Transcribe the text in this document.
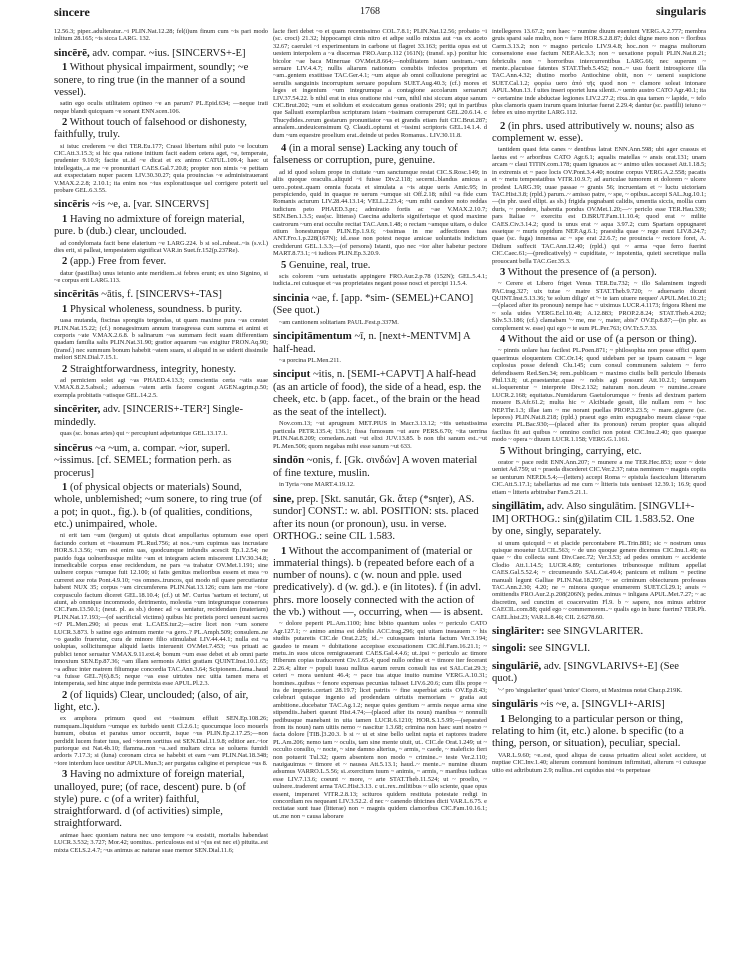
sincere	1768	singularis

12.56.3; piper..adulteratur..~i PLIN.Nat.12.28; fel(i)um finum cum ~is pari modo inlitum 28.165; ~is sicca LARG. 132.

sincērē, adv. compar. ~ius. [SINCERVS+-E]

1 Without physical impairment, soundly; ~e sonere, to ring true (in the manner of a sound vessel).

satin ego oculis utilitatem optineo ~e an parum? PL.Epid.634; —neque irati neque blandi quicquam ~e sonant ENN.scen.106.

2 Without touch of falsehood or dishonesty, faithfully, truly.

si istuc crederem ~e dici TER.Eu.177; Crassi libertum nihil puto ~e locutum CIC.Att.3.15.3; si hic qua ratione initium facit eadem cetera aget, ~e, temperate, prudenter 9.10.9; facite ut..id ~e dicat et ex animo CATUL.109.4; haec ut intellegatis,..a me ~e pronuntiari CAES.Gal.7.20.8; propter non nimis ~e petitam aut exspectatam nuper pacem LIV.30.30.27; quia prouincias ~e administrauerant V.MAX.2.2.8; 2.10.1; ita enim nos ~ius exploratiusque uel corrigere poterit uel probare GEL.6.3.55.

sincēris ~is ~e, a. [var. SINCERVS]

1 Having no admixture of foreign material, pure. b (dub.) clear, unclouded.

ad condylomata facit bene elaterium ~e LARG.224. b si sol..rubeat..~is (s.v.l.) dies erit, si palleat, tempestatem significat VAR.in Suet.fr.152(p.237Re).

2 (app.) Free from fever.

datur (pastillus) unus ieiunio ante meridiem..si febres erunt; ex uino Signino, si ~e corpus erit LARG.113.

sincēritās ~ātis, f. [SINCERVS+-TAS]

1 Physical wholeness, soundness. b purity.

uasa mutanda, fiscinas spongiis tergendas, ut quam maxime pura ~as constet PLIN.Nat.15.22; (cf.) nonagesimum annum transgressa cum summa et animi et corporis ~ate V.MAX.2.6.8. b salinarum ~as summam fecit suam differentiam quadam familia salis PLIN.Nat.31.90; gratior aquarum ~as exigitur FRON.Aq.90; (transf.) nec summum bonum habebit ~atem suam, si aliquid in se uiderit dissimile meliori SEN.Dial.7.15.1.

2 Straightforwardness, integrity, honesty.

ad perniciem solet agi ~as PHAED.4.13.3; conscientia certa ~atis suae V.MAX.8.2.5.absol.; aduersus ~atem artis facere cogunt AGEN.agrim.p.50; exempla probitatis ~atisque GEL.14.2.5.

sincēriter, adv. [SINCERIS+-TER²] Single-mindedly.

quas (sc. bonas artes) qui ~ percupiunt adpetuntque GEL.13.17.1.

sincērus ~a ~um, a. compar. ~ior, superl. ~issimus. [cf. SEMEL; formation perh. as procerus]

1 (of physical objects or materials) Sound, whole, unblemished; ~um sonere, to ring true (of a pot; in quot., fig.). b (of qualities, conditions, etc.) unimpaired, whole.

ni erit tam ~um (tergum) ut quiuis dicat ampullarius optumum esse operi faciundo corium et ~issumum PL.Rud.756; at nos..~um cupimus uas incrustare HOR.S.1.3.56; ~um est enim uas, quodcumque infundis acescit Ep.1.2.54; ne pauido fuga uolneribusque milite ~am et integram aciem miscerent LIV.30.34.8; inmedicabile corpus ense recidendum, ne pars ~a trahatur OV.Met.1.191; sine uulnere corpus ~umque fuit 12.100; si fatis genitus melioribus essem et mea ~o curreret axe rota Pont.4.9.10; ~os omnes..truncos, qui modo nil quare percutiantur habent NUX 35; corpus ~am circumferens PLIN.Nat.13.126; cum iam me ~iore corpusculo factum diceret GEL.18.10.4; (cf.) ut M'. Curius 'sartum et tectum', ut aiunt, ab omnique incommodo, detrimento, molestia ~um integrumque conserues CIC.Fam.13.50.1; (neut. pl. as sb.) donec ad ~a ueniatur, recidendam (materiam) PLIN.Nat.17.193;—(of sacrificial victims) quibus hic pretieis porci ueneunt sacres ~i? PL.Men.290; si pecus erat L.CAES.tur.2;—scire licet non ~um sonere LUCR.3.873. b satine ego animum mente ~a gero..? PL.Amph.509; consulem..ne ~o gaudio frueretur, cura de minore filio stimulabat LIV.44.44.1; nulla est ~a uoluptas, sollicitumque aliquid laetis interuenit OV.Met.7.453; ~us priuati ac publici tenor seruatur V.MAX.9.11.ext.4; bonum ~um esse debet et ab omni parte innoxium SEN.Ep.87.36; ~am illam sermonis Attici gratiam QUINT.Inst.10.1.65; ~a adhuc inter matrem filiumque concordia TAC.Ann.3.64; Scipionem..fama..haud ~a fuisse GEL.7(6).8.5; neque ~as esse uirtutes nec uitia tamen mera et intemperata, sed hinc atque inde permixta esse APUL.Pl.2.3.

2 (of liquids) Clear, unclouded; (also, of air, light, etc.).

ex amphora primum quod est ~issimum effluit SEN.Ep.108.26; numquam..liquidum ~umque ex turbido uenit Cl.2.6.1; quocumque loco mouerls humum, obuius et paratus umor occurrit, isque ~us PLIN.Ep.2.17.25;—non perdidit lucem frater tuus, sed ~iorem sortitus est SEN.Dial.11.9.8; editior aer..~ior puriorque est Nat.4b.10; flamma..non ~a..sed multam circa se uoluens fumidi ardoris 7.17.3; si (luna) coronam circa se habebit et eam ~am PLIN.Nat.18.348; ~iore interdum luce uestitur APUL.Mun.3; aer purgatus caligine et perspicue ~us 8.

3 Having no admixture of foreign material, unalloyed, pure; (of race, descent) pure. b (of style) pure. c (of a writer) faithful, straightforward. d (of activities) simple, straightforward.

animae haec quoniam natura nec uno tempore ~a exsistit, mortalis habendast LUCR.3.532; 3.727; Mor.42; uomitus.. periculosus est si ~(us est nec ei) pituita..est mixta CELS.2.4.7; ~us animus ac naturae suae memor SEN.Dial.11.6;

lacte fieri debet ~o et quam recentissimo COL.7.8.1; PLIN.Nat.12.56; probatio ~i (sc. croci) 21.32; hippocampi cinis nitro et adipe suillo mixtus aut ~us ex aceto 32.67; caerulei ~i experimentum in carbone ut flagret 33.163; peritia opus est ut uestem interpolem a ~a discernas FRO.Aur.p.112 (161N); (transf. sp.) ponitur hic bicolor ~ae baca Mineruae OV.Met.8.664;—nobilitatem istam uestram..~um seruare LIV.4.4.7; nullis aliarum nationum conubiis infectos proprium et ~am..gentem exstitisse TAC.Ger.4.1; ~um atque ab omni colluuione peregrini ac seruilis sanguinis incorruptum seruare populum SUET.Aug.40.3; (cf.) mores et leges et ingenium ~um integrumque a contagione accolarum seruarunt LIV.37.54.22. b nihil erat in eius oratione nisi ~um, nihil nisi siccum atque sanum CIC.Brut.202; ~um et solidum et exsiccatum genus orationis 291; qui in partibus que Sallusti exemplaribus scripturam istam ~issimam corruperunt GEL.20.6.14. c Thucydides..rerum gestarum pronuntiator ~us et grandis etiam fuit CIC.Brut.287; annalem..undeuicensimum Q. Claudi..optumi et ~issimi scriptoris GEL.14.1.4. d dum ~um equestre proelium erat..deinde ut pedes Romanus.. LIV.30.11.8.

4 (in a moral sense) Lacking any touch of falseness or corruption, pure, genuine.

ad id quod solum prope in ciuitate ~um sanctumque restat CIC.S.Rosc.149; in aliis quoque oraculis..aliquid ~i fuisse Div.2.118; secerni..blandus amicus a uero..potest..quam omnia fucata et simulata a ~is atque ueris Amic.95; in perspiciendo, quid in quaque re uerum ~umque sit Off.2.18; nihil ~a fide cum Romanis acturum LIV.28.44.13.14; VELL.2.23.4; ~um mihi candore noto reddas iudicium peto PHAED.3.pr.; admiratio fortis ac ~ae V.MAX.2.10.7; SEN.Ben.1.3.5; eas(sc. litteras) Caecina adulteris signiferisque et quod maxime castrorum ~um erat occulte recitat TAC.Ann.1.48; o rectam ~amque uitam, o dulce otium honestumque PLIN.Ep.1.9.6; ~issimas in me adfectiones tuas ANT.Fro.1.p.228(167N); id..esse non potest neque amicae uoluntatis indicium crediderunt GEL.1.3.3;—(of persons) Istanti, quo nec ~ior alter habetur pectore MART.8.73.1; ~i iudices PLIN.Ep.3.20.9.

5 Genuine, real, true.

scis colorem ~um uetustatis appingere FRO.Aur.2.p.78 (152N); GEL.5.4.1; iudicia..rei cuiusque et ~as proprietates negant posse nosci et percipi 11.5.4.

sincinia ~ae, f. [app. *sim- (SEMEL)+CANO] (See quot.)

~am cantionem solitariam PAUL.Fest.p.337M.

sincipitāmentum ~ī, n. [next+-MENTVM] A half-head.

~a porcina PL.Men.211.

sinciput ~itis, n. [SEMI-+CAPVT] A half-head (as an article of food), the side of a head, esp. the cheek, etc. b (app. facet., of the brain or the head as the seat of the intellect).

Nov.com.13; ~ut aprugnum MET.PIUS in Macr.3.13.12; ~itis uetustissima particula PETR.135.4; 136.1; fissa fumosum ~ut aure PERS.6.70; ~ita uerrina PLIN.Nat.8.209; comedam..nati ~ut elixi JUV.13.85. b non tibi sanum est..~ut PL.Men.506; quom negabas mihi esse sanum ~ut 633.

sindōn ~onis, f. [Gk. σινδών] A woven material of fine texture, muslin.

in Tyria ~one MART.4.19.12.

sine, prep. [Skt. sanutár, Gk. ἄτερ (*sn̥ter), AS. sundor] CONST.: w. abl. POSITION: sts. placed after its noun (or pronoun), usu. in verse. ORTHOG.: seine CIL 1.583.

1 Without the accompaniment of (material or immaterial things). b (repeated before each of a number of nouns). c (w. noun and pple. used predicatively). d (w. gd.). e (in litotes). f (in advl. phrs. more loosely connected with the action of the vb.) without —, occurring, when — is absent.

~ dolore peperit PL.Am.1100; hinc bibito quantum uoles ~ periculo CATO Agr.127.1; ~ animo anima est debilis ACC.trag.296; qui uitam insuauem ~ his studiis putaretis CIC.de Orat.2.25; id..~ cuiusquam iniuria factum Ver.3.194; gaudeo te meam ~ dubitatione accepisse excusationem CIC.fil.Fam.16.21.1; ~ metu..in suos uicos remigrauerant CAES.Gal.4.4.6; ut..ipsi ~ periculo ac timore Hiberum copias traducerent Civ.1.65.4; quod nullo ordine et ~ timore iter fecerant 2.26.4; aliter ~ populi iussu nullius earum rerum consuli ius est SAL.Cat.29.3; ceteri ~ mora ueniunt 46.4; ~ pace tua atque inuito numine VERG.A.10.31; homines..quibus ~ fenore expensas pecunias tulisset LIV.6.20.6; cum illis prope ~ ira de imperio..certari 28.19.7; licet patriis ~ fine superbiat actis OV.Ep.8.43; celebrari quisque ingenio ad prodendam uirtutis memoriam ~ gratia aut ambitione..ducebatur TAC.Ag.1.2; neque quies gentium ~ armis neque arma sine stipendiis..haberi queunt Hist.4.74;—(placed after its noun) manibus ~ nonnulli pedibusque manebant in uita tamen LUCR.6.1210; HOR.S.1.5.99;—(separated from its noun) nam uitiis nemo ~ nascitur 1.3.68; crimina non haec sunt nostro ~ facta dolore [TIB.]3.20.3. b si ~ ui et sine bello uelint rapta et raptores tradere PL.Am.206; nemo tam ~ oculis, tam sine mente uiuit, ut.. CIC.de Orat.1.249; ut ~ occulto consilio, ~ nocte, ~ sine damno alterius, ~ armis, ~ caede, ~ maleficio fieri non potuerit Tul.32; quem absentem non modo ~ crimine..~ teste Ver.2.110; nauigauimus ~ timore et ~ nausea Att.5.13.1; haud..~ mente..~ numine diuum adsumus VARRO.L.5.56; si..exercitum tuum ~ animis, ~ armis, ~ manibus iudicas esse LIV.7.13.6; coeunt ~ more, ~ arte STAT.Theb.11.524; ut ~ proelio, ~ uulnere..traderent arma TAC.Hist.3.13. c ut..rex..militibus ~ ullo sciente, quae opus essent, imperaret VITR.2.8.13; scituros quidem restituta potestate redigi in concordiam res nequeant LIV.3.52.2. d nec ~ canendo tibicines dicti VAR.L.6.75. e recitatae sunt tuae (litterae) non ~ magnis quidem clamoribus CIC.Fam.10.16.1; ut..me non ~ causa laborare

intellegeres 13.67.2; non haec ~ numine diuum eueniunt VERG.A.2.777; membra gruis sparsi sale multo, non ~ farre HOR.S.2.8.87; dulci digne mero non ~ floribus Carm.3.13.2; non ~ magno periculo LIV.9.4.8; hoc..non ~ magna multorum consensione esse factum NEP.Alc.3.3; non ~ uexatione populi PLIN.Nat.8.21; febriculis non ~ horroribus intercurrentibus LARG.66; nec superum ~ mente..placuisse fatentes STAT.Theb.5.452; non..~ usu fuerit introspicere illa TAC.Ann.4.32; diutino morbo Antiochine obiit, non ~ ueneni suspicione SUET.Cal.1.2; φορέω uero ἀπό τῆς quod non ~ clamore soleat intonare APUL.Mun.13. f uites inseri oportet luna silenti..~ uento austro CATO Agr.40.1; ita ~ certamine inde abductae legiones LIV.2.27.2; rixa..in qua tamen ~ lapide, ~ telo plus clamoris quam irarum quam iniuriae fuerat 2.29.4; dantur (sc. pastilli) ieiuno ~ febre ex uino myrtite LARG.112.

2 (in phrs. used attributively w. nouns; also as complement w. esse).

tantidem quasi feta canes ~ dentibus latrat ENN.Ann.598; ubi ager crassus et laetus est ~ arboribus CATO Agr.6.1; aqualis matellas ~ ansis orat.131; unam arcam ~ claui TITIN.com.178; quam ignauos ac ~ animo uiles uocasset Att.1.18.5; in extremis et ~ pace locis OV.Pont.3.4.40; nouine corpus VERG.A.2.558; pacatis et ~ metu tempestatibus VITR.10.9.7; ad auriculae tumorem et dolorem ~ ulcere prodest LARG.39; uuae passae ~ granis 56; incruentam et ~ luctu uictoriam TAC.Hist.3.8; (rpld.) parum..~ amisso patre, ~ spe, ~ opibus..accepi SAL.Jug.10.1;—(in phr. used ellipt. as sb.) frigida pugnabant calidis, umentia siccis, mollia cum duris, ~ pondere, habentia pondus OV.Met.1.20;—~ periclo esse TER.Hau.339; pars Italiae ~ exercitu est D.BRUT.Fam.11.10.4; quod erat ~ milite CAES.Civ.3.14.2; quod is unus erat ~ aqua 3.97.2; cum Spartam oppugnaret essetque ~ muris oppidum NEP.Ag.6.1; praesidia quae ~ rege erant LIV.8.24.7; quae (sc. fuga) inmensa ac ~ spe erat 22.6.7; ne prouincia ~ rectore foret, A. Didium suffecit TAC.Ann.12.40; (rpld.) qui ~ arma ~que ferro fuerint CIC.Caec.61;—(predicatively) ~ cupiditate, ~ inpotentia, quieti secretique nulla prouocant bella TAC.Ger.35.3.

3 Without the presence of (a person).

~ Cerere et Libero friget Venus TER.Eu.732; ~ illo Salaminem ingredi PAC.trag.327; uix tutae ~ matre STAT.Theb.9.720; ~ aduersario dicunt QUINT.Inst.5.13.36; 'te solum diligo' et '~ te iam uiuere nequeo' APUL.Met.10.21;—(placed after its pronoun) nempe hac ~ uiximus LUCR.4.1173; frigora Rheni me ~ sola uides VERG.Ecl.10.48; A.12.883; PROP.2.8.24; STAT.Theb.4.202; Silv.5.3.186; (cf.) clamabam '~ me, me ~, mater, abis?' OV.Ep.8.87;—(in phr. as complement w. esse) qui ego ~ te sum PL.Per.763; OV.Tr.5.7.33.

4 Without the aid or use of (a person or thing).

~ pinnis uolare hau facilest PL.Poen.871; ~ philosophia non posse effici quem quaerimus eloquentem CIC.Or.14; quod uidebam per se ipsam causam ~ lege coplosius posse defendi Clu.145; cum consul communem salutem ~ ferro defendissem Red.Sen.34; rem..publicam ~ maximo ciuilis belli periculo liberasis Phil.13.8; ut..praestantur..quae ~ nobis agi possunt Att.10.2.1; tamquam si..loquerentur ~ interprete Div.2.132; naturam non..deum ~ numine..creare LUCR.2.168; equitatus..Numidarum Gaetulorumque ~ frenis ad dextram partem mouere B.Afr.61.2; multa hic ~ Alcibiade gessit, ille nullam rem ~ hoc NEP.Thr.1.3; illae iam ~ me norant puellas PROP.3.23.5; ~ mare..gignere (sc. lepores) PLIN.Nat.8.218; (rpld.) praeut ego enim expugnabo meum classe ~que exercitu PL.Bac.930;—(placed after its pronoun) rerum propter quas aliquid facilius fit aut quibus ~ omnino confici non potest CIC.Inu.2.40; quo quaeque modo ~ opera ~ diuum LUCR.1.158; VERG.G.1.161.

5 Without bringing, carrying, etc.

orator ~ pace redit ENN.Ann.207; ~ munere a me TER.Hec.853; uxor ~ dote ueniet Ad.759; ut ~ praeda discederet CIC.Ver.2.37; ratus neminem ~ magnis copiis se uenturum NEP.Di.5.4;—(letters) accepi Roma ~ epistula fasciculum litterarum CIC.Att.5.17.1; tabellarius ad me cum ~ litteris tuis uenisset 12.39.1; 16.9; quod etiam ~ litteris arbitrabar Fam.5.21.1.

singillātim, adv. Also singulātim. [SINGVLI+-IM] ORTHOG.: sin(g)ilatim CIL 1.583.52. One by one, singly, separately.

si unum quicquid ~ et placide percontabere PL.Trin.881; sic ~ nostrum unus quisque mouetur LUCIL.563; ~ de uno quoque genere dicemus CIC.Inu.1.49; ea quae ~ diu collecta sunt Div.Caec.72; Ver.3.53; ad pedes omnium ~ accidente Clodio Att.1.14.5; LUCR.4.89; centuriones tribunosque militum appellat CAES.Gal.5.52.4; ~ circumeundo SAL.Cat.49.4; panicum et milium ~ pectine manuali legunt Galliae PLIN.Nat.18.297; ~ se criminum obiecturum professus TAC.Ann.2.30; 4.20; ne ~ minora quoque enumerem SUET.Cl.29.1; anuis ~ omittendis FRO.Aur.2.p.208(206N); pedes..minus ~ inligans APUL.Met.7.27; ~ ac discretim, sed cunctim et coacervatim Fl.9. b ~ sapere, nos minus arbitror CAECIL.com.88; quid ego ~ commemorem..~ qualis ego in hunc fuerim? TER.Ph. CAEL.hist.23; VAR.L.8.46; CIL 2.6278.60.

singlāriter: see SINGVLARITER.

singoli: see SINGVLI.

singulāriē, adv. [SINGVLARIVS+-E] (See quot.)

'~' pro 'singulariter' quasi 'unice' Cicero, ut Maximus notat Char.p.219K.

singulāris ~is ~e, a. [SINGVLI+-ARIS]

1 Belonging to a particular person or thing, relating to him (it, etc.) alone. b specific (to a thing, person, or situation), peculiar, special.

VAR.L.9.60; ~e..est, quod aliqua de causa priuatim alicui solet accidere, ut nuptiae CIC.Inv.1.40; alterum communi hominum infirmitati, alterum ~i cuiusque uitio est adtributum 2.9; nullius..rei cupidus nisi ~is perpetuae
